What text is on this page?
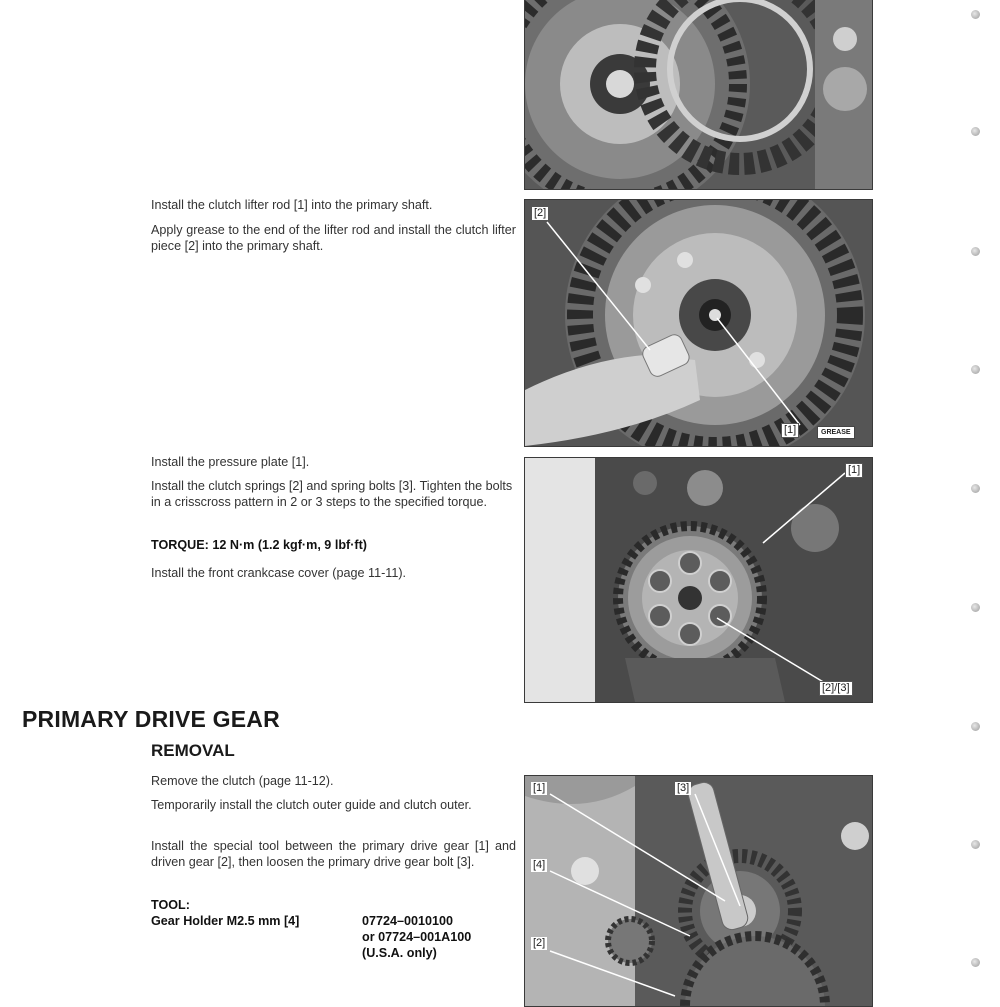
Install the clutch lifter rod [1] into the primary shaft.

Apply grease to the end of the lifter rod and install the clutch lifter piece [2] into the primary shaft.

[2]
[1]	GREASE

Install the pressure plate [1].

Install the clutch springs [2] and spring bolts [3]. Tighten the bolts in a crisscross pattern in 2 or 3 steps to the specified torque.

TORQUE: 12 N·m (1.2 kgf·m, 9 lbf·ft)

Install the front crankcase cover (page 11-11).

[1]
[2]/[3]
PRIMARY DRIVE GEAR
REMOVAL

Remove the clutch (page 11-12).

Temporarily install the clutch outer guide and clutch outer.

Install the special tool between the primary drive gear [1] and driven gear [2], then loosen the primary drive gear bolt [3].

TOOL:

Gear Holder M2.5 mm [4]	07724–0010100

or 07724–001A100

(U.S.A. only)

[1]	[3]
[4]
[2]
